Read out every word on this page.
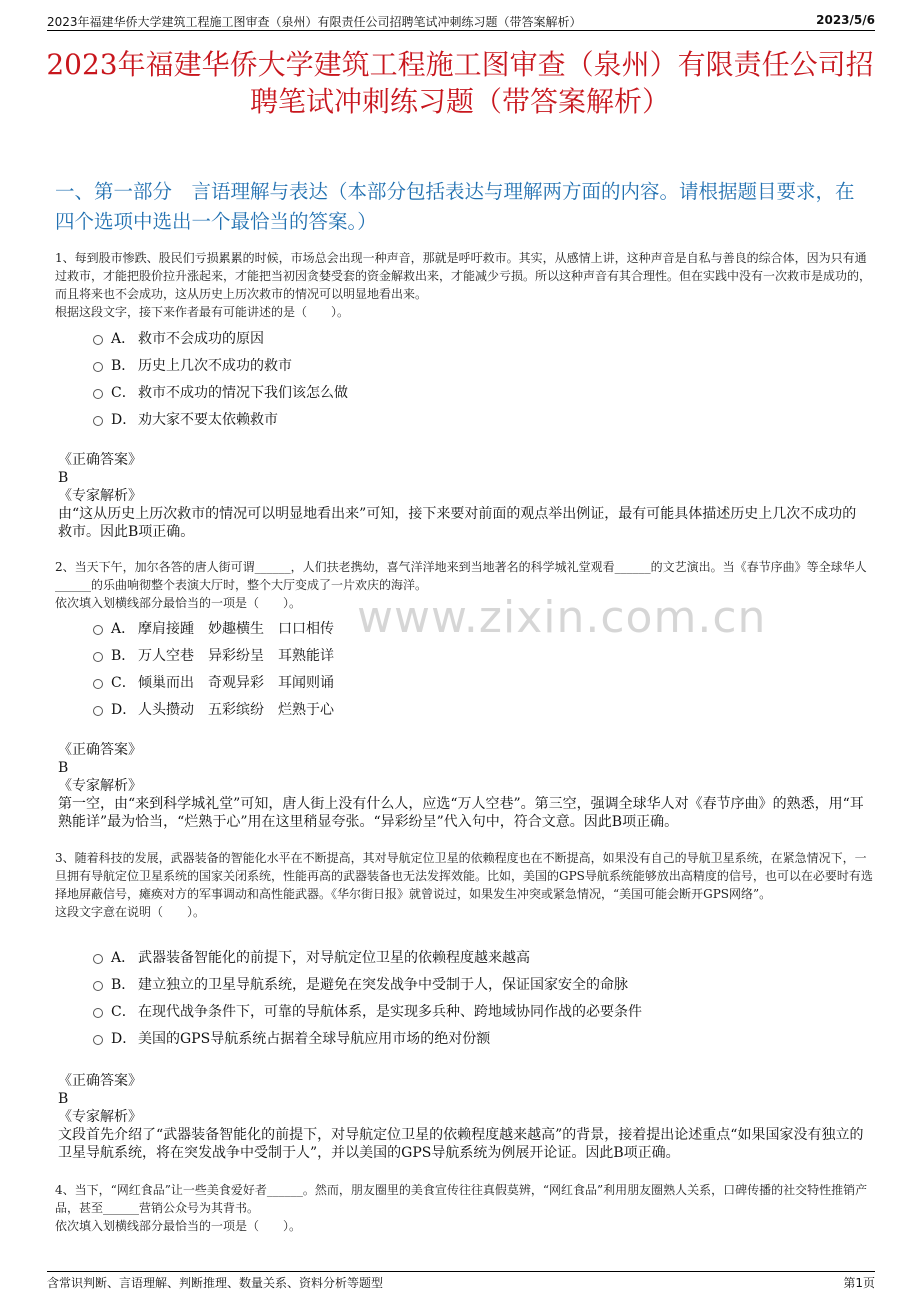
2023年福建华侨大学建筑工程施工图审查（泉州）有限责任公司招聘笔试冲刺练习题（带答案解析）	2023/5/6
2023年福建华侨大学建筑工程施工图审查（泉州）有限责任公司招聘笔试冲刺练习题（带答案解析）
一、第一部分　言语理解与表达（本部分包括表达与理解两方面的内容。请根据题目要求，在四个选项中选出一个最恰当的答案。）
1、每到股市惨跌、股民们亏损累累的时候，市场总会出现一种声音，那就是呼吁救市。其实，从感情上讲，这种声音是自私与善良的综合体，因为只有通过救市，才能把股价拉升涨起来，才能把当初因贪婪受套的资金解救出来，才能减少亏损。所以这种声音有其合理性。但在实践中没有一次救市是成功的，而且将来也不会成功，这从历史上历次救市的情况可以明显地看出来。
根据这段文字，接下来作者最有可能讲述的是（　　）。
A． 救市不会成功的原因
B． 历史上几次不成功的救市
C． 救市不成功的情况下我们该怎么做
D． 劝大家不要太依赖救市
《正确答案》
B
《专家解析》
由“这从历史上历次救市的情况可以明显地看出来”可知，接下来要对前面的观点举出例证，最有可能具体描述历史上几次不成功的救市。因此B项正确。
2、当天下午，加尔各答的唐人街可谓______，人们扶老携幼，喜气洋洋地来到当地著名的科学城礼堂观看______的文艺演出。当《春节序曲》等全球华人______的乐曲响彻整个表演大厅时，整个大厅变成了一片欢庆的海洋。
依次填入划横线部分最恰当的一项是（　　）。
A． 摩肩接踵　妙趣横生　口口相传
B． 万人空巷　异彩纷呈　耳熟能详
C． 倾巢而出　奇观异彩　耳闻则诵
D． 人头攒动　五彩缤纷　烂熟于心
《正确答案》
B
《专家解析》
第一空，由“来到科学城礼堂”可知，唐人街上没有什么人，应选“万人空巷”。第三空，强调全球华人对《春节序曲》的熟悉，用“耳熟能详”最为恰当，“烂熟于心”用在这里稍显夸张。“异彩纷呈”代入句中，符合文意。因此B项正确。
3、随着科技的发展，武器装备的智能化水平在不断提高，其对导航定位卫星的依赖程度也在不断提高，如果没有自己的导航卫星系统，在紧急情况下，一旦拥有导航定位卫星系统的国家关闭系统，性能再高的武器装备也无法发挥效能。比如，美国的GPS导航系统能够放出高精度的信号，也可以在必要时有选择地屏蔽信号，瘫痪对方的军事调动和高性能武器。《华尔街日报》就曾说过，如果发生冲突或紧急情况，“美国可能会断开GPS网络”。
这段文字意在说明（　　）。
A． 武器装备智能化的前提下，对导航定位卫星的依赖程度越来越高
B． 建立独立的卫星导航系统，是避免在突发战争中受制于人，保证国家安全的命脉
C． 在现代战争条件下，可靠的导航体系，是实现多兵种、跨地域协同作战的必要条件
D． 美国的GPS导航系统占据着全球导航应用市场的绝对份额
《正确答案》
B
《专家解析》
文段首先介绍了“武器装备智能化的前提下，对导航定位卫星的依赖程度越来越高”的背景，接着提出论述重点“如果国家没有独立的卫星导航系统，将在突发战争中受制于人”，并以美国的GPS导航系统为例展开论证。因此B项正确。
4、当下，“网红食品”让一些美食爱好者______。然而，朋友圈里的美食宣传往往真假莫辨，“网红食品”利用朋友圈熟人关系，口碑传播的社交特性推销产品，甚至______营销公众号为其背书。
依次填入划横线部分最恰当的一项是（　　）。
www.zixin.com.cn
含常识判断、言语理解、判断推理、数量关系、资料分析等题型	第1页
